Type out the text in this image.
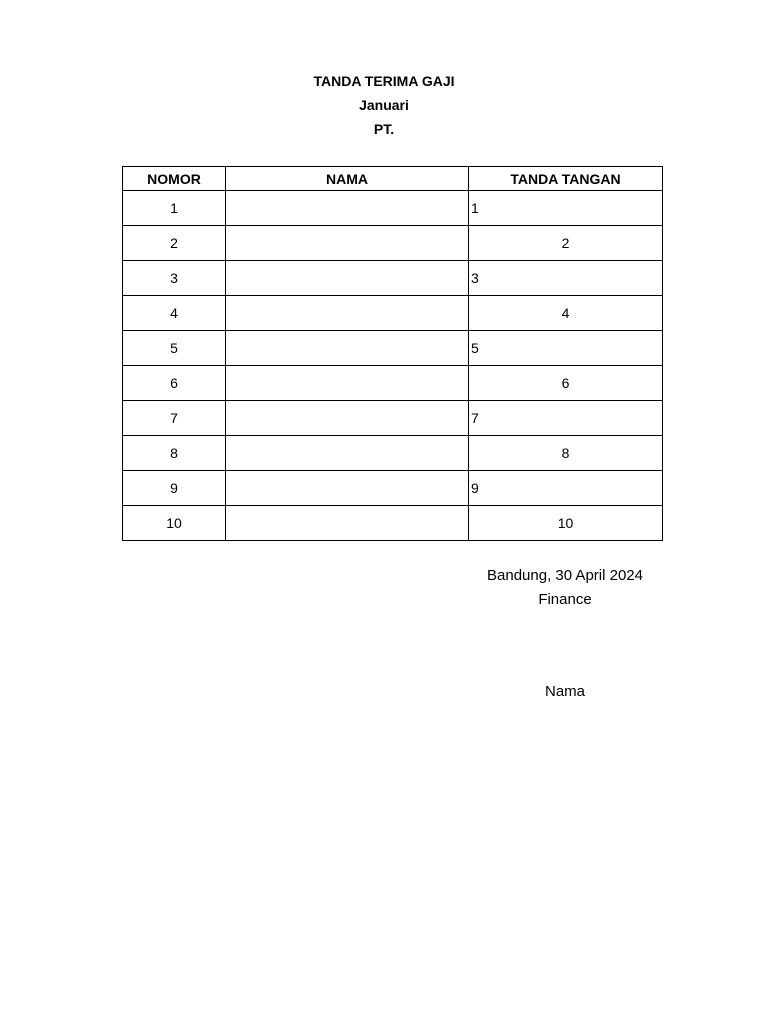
TANDA TERIMA GAJI
Januari
PT.
NOMOR	NAMA	TANDA TANGAN
1		1
2		2
3		3
4		4
5		5
6		6
7		7
8		8
9		9
10		10
Bandung, 30 April 2024
Finance
Nama
